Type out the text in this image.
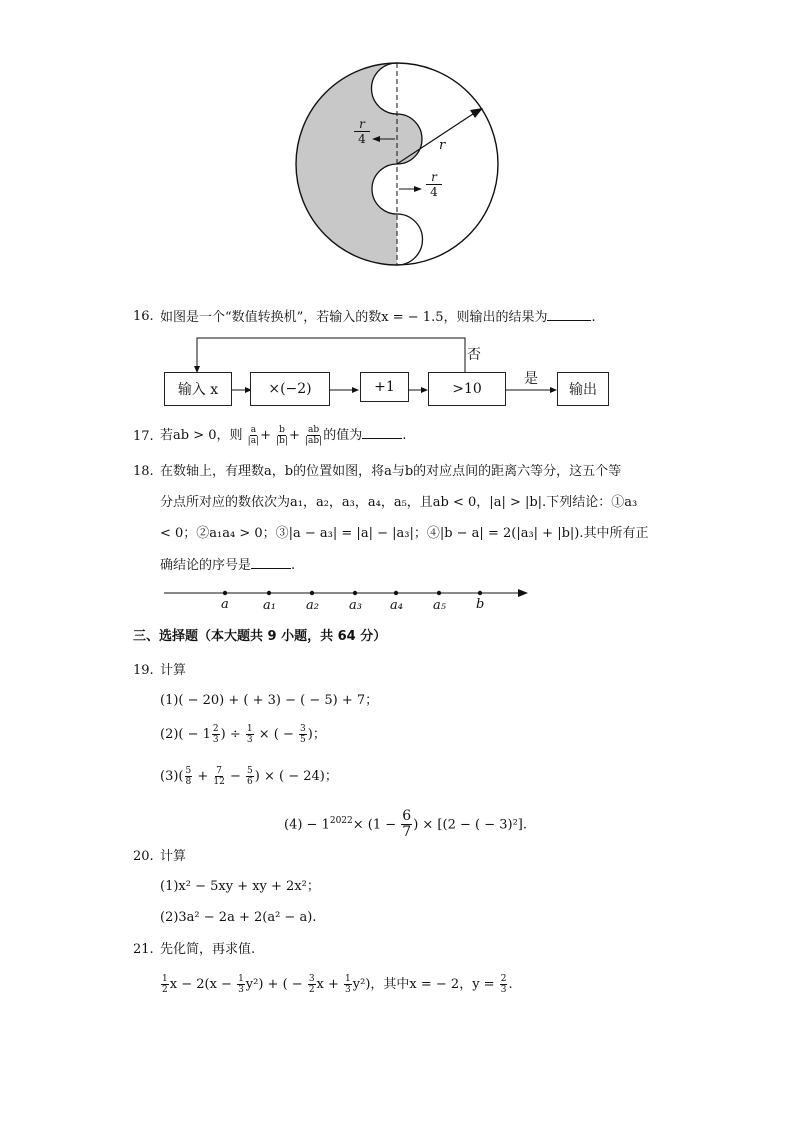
r
4	r
r
4
16. 如图是一个“数值转换机”，若输入的数x = − 1.5，则输出的结果为	.
输入 x	×(−2)	+1	>10	输出
否
是
17. 若ab > 0，则 $\frac{a}{|a|} + \frac{b}{|b|} + \frac{ab}{|ab|}$ 的值为	.
18. 在数轴上，有理数a，b的位置如图，将a与b的对应点间的距离六等分，这五个等
分点所对应的数依次为a₁，a₂，a₃，a₄，a₅，且ab < 0，|a| > |b|.下列结论：①a₃
< 0；②a₁a₄ > 0；③|a − a₃| = |a| − |a₃|；④|b − a| = 2(|a₃| + |b|).其中所有正
确结论的序号是	.
a	a₁ a₂ a₃ a₄ a₅ b
三、选择题（本大题共 9 小题，共 64 分）
19. 计算
(1)( − 20) + ( + 3) − ( − 5) + 7；
$(2)( - 1 \frac{2}{3}$ ) ÷ $\frac{1}{3}$ × ( − $\frac{3}{5}$ )；
$(3)( \frac{5}{8} + \frac{7}{12} - \frac{5}{6}$ ) × ( − 24)；
$(4) - 1^{2022}\times (1 - \frac{6}{7}$ ) × [(2 − ( − 3)²].
20. 计算
(1)x² − 5xy + xy + 2x²；
(2)3a² − 2a + 2(a² − a).
21. 先化简，再求值.
$\frac{1}{2}$ $x - 2(x - \frac{1}{3} y^2)$ + ( − $\frac{3}{2}$ $x + \frac{1}{3} y^2$)，其中x = − 2，$y = \frac{2}{3}$ .
